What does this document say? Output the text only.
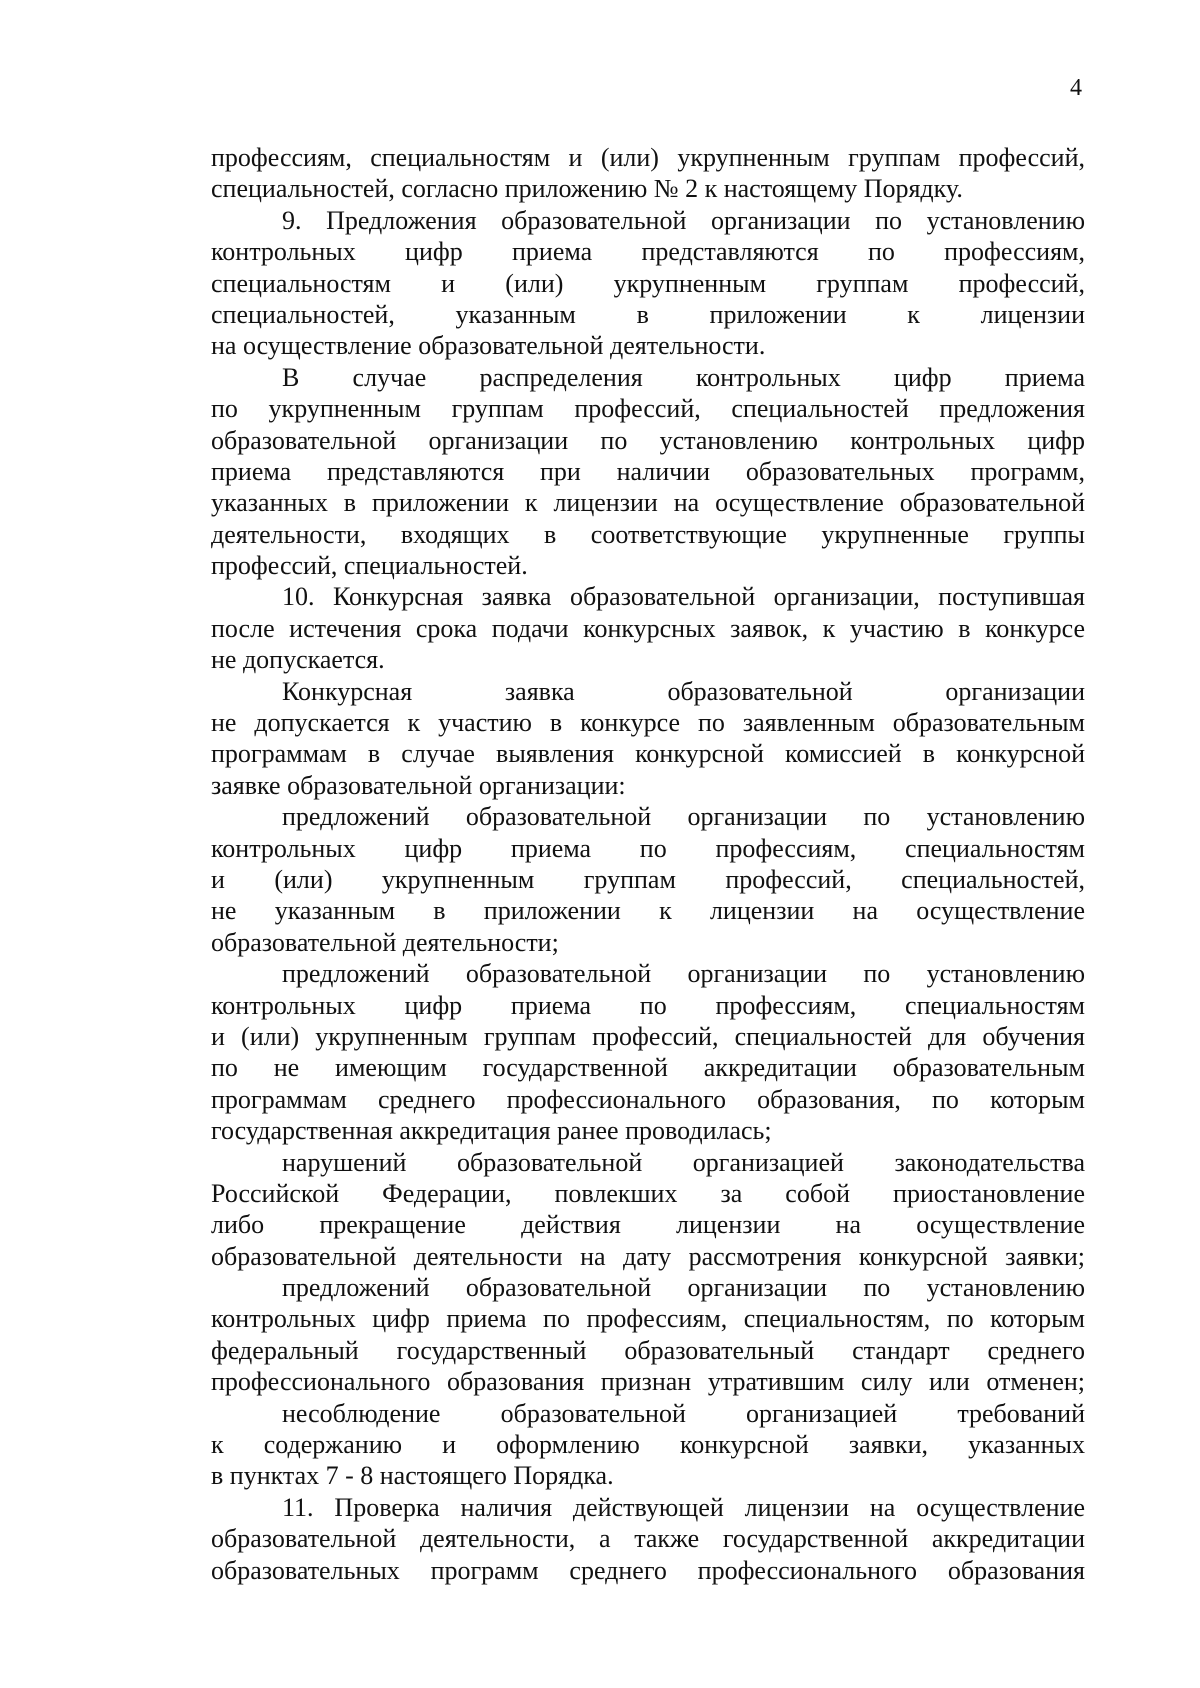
4
профессиям, специальностям и (или) укрупненным группам профессий,
специальностей, согласно приложению № 2 к настоящему Порядку.
9. Предложения образовательной организации по установлению
контрольных цифр приема представляются по профессиям,
специальностям и (или) укрупненным группам профессий,
специальностей, указанным в приложении к лицензии
на осуществление образовательной деятельности.
В случае распределения контрольных цифр приема
по укрупненным группам профессий, специальностей предложения
образовательной организации по установлению контрольных цифр
приема представляются при наличии образовательных программ,
указанных в приложении к лицензии на осуществление образовательной
деятельности, входящих в соответствующие укрупненные группы
профессий, специальностей.
10. Конкурсная заявка образовательной организации, поступившая
после истечения срока подачи конкурсных заявок, к участию в конкурсе
не допускается.
Конкурсная заявка образовательной организации
не допускается к участию в конкурсе по заявленным образовательным
программам в случае выявления конкурсной комиссией в конкурсной
заявке образовательной организации:
предложений образовательной организации по установлению
контрольных цифр приема по профессиям, специальностям
и (или) укрупненным группам профессий, специальностей,
не указанным в приложении к лицензии на осуществление
образовательной деятельности;
предложений образовательной организации по установлению
контрольных цифр приема по профессиям, специальностям
и (или) укрупненным группам профессий, специальностей для обучения
по не имеющим государственной аккредитации образовательным
программам среднего профессионального образования, по которым
государственная аккредитация ранее проводилась;
нарушений образовательной организацией законодательства
Российской Федерации, повлекших за собой приостановление
либо прекращение действия лицензии на осуществление
образовательной деятельности на дату рассмотрения конкурсной заявки;
предложений образовательной организации по установлению
контрольных цифр приема по профессиям, специальностям, по которым
федеральный государственный образовательный стандарт среднего
профессионального образования признан утратившим силу или отменен;
несоблюдение образовательной организацией требований
к содержанию и оформлению конкурсной заявки, указанных
в пунктах 7 - 8 настоящего Порядка.
11. Проверка наличия действующей лицензии на осуществление
образовательной деятельности, а также государственной аккредитации
образовательных программ среднего профессионального образования
